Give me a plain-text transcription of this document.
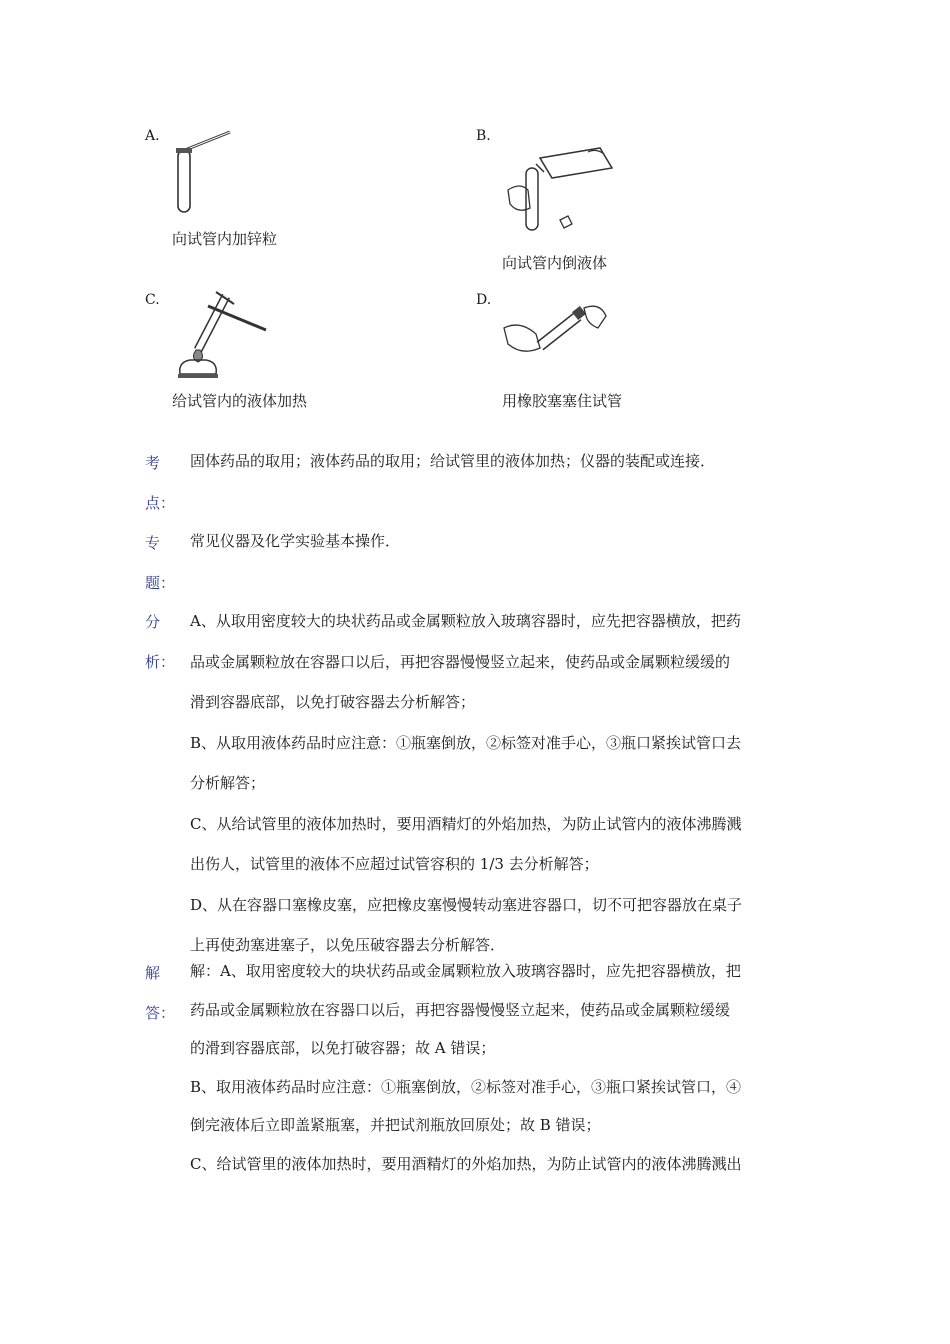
A.
向试管内加锌粒
B.
向试管内倒液体
C.
给试管内的液体加热
D.
用橡胶塞塞住试管
考
点：

固体药品的取用；液体药品的取用；给试管里的液体加热；仪器的装配或连接．

专
题：

常见仪器及化学实验基本操作．

分
析：

A、从取用密度较大的块状药品或金属颗粒放入玻璃容器时，应先把容器横放，把药

品或金属颗粒放在容器口以后，再把容器慢慢竖立起来，使药品或金属颗粒缓缓的

滑到容器底部，以免打破容器去分析解答；

B、从取用液体药品时应注意：①瓶塞倒放，②标签对准手心，③瓶口紧挨试管口去

分析解答；

C、从给试管里的液体加热时，要用酒精灯的外焰加热，为防止试管内的液体沸腾溅

出伤人，试管里的液体不应超过试管容积的 1/3 去分析解答；

D、从在容器口塞橡皮塞，应把橡皮塞慢慢转动塞进容器口，切不可把容器放在桌子

上再使劲塞进塞子，以免压破容器去分析解答．

解
答：

解：A、取用密度较大的块状药品或金属颗粒放入玻璃容器时，应先把容器横放，把

药品或金属颗粒放在容器口以后，再把容器慢慢竖立起来，使药品或金属颗粒缓缓

的滑到容器底部，以免打破容器；故 A 错误；

B、取用液体药品时应注意：①瓶塞倒放，②标签对准手心，③瓶口紧挨试管口，④

倒完液体后立即盖紧瓶塞，并把试剂瓶放回原处；故 B 错误；

C、给试管里的液体加热时，要用酒精灯的外焰加热，为防止试管内的液体沸腾溅出
